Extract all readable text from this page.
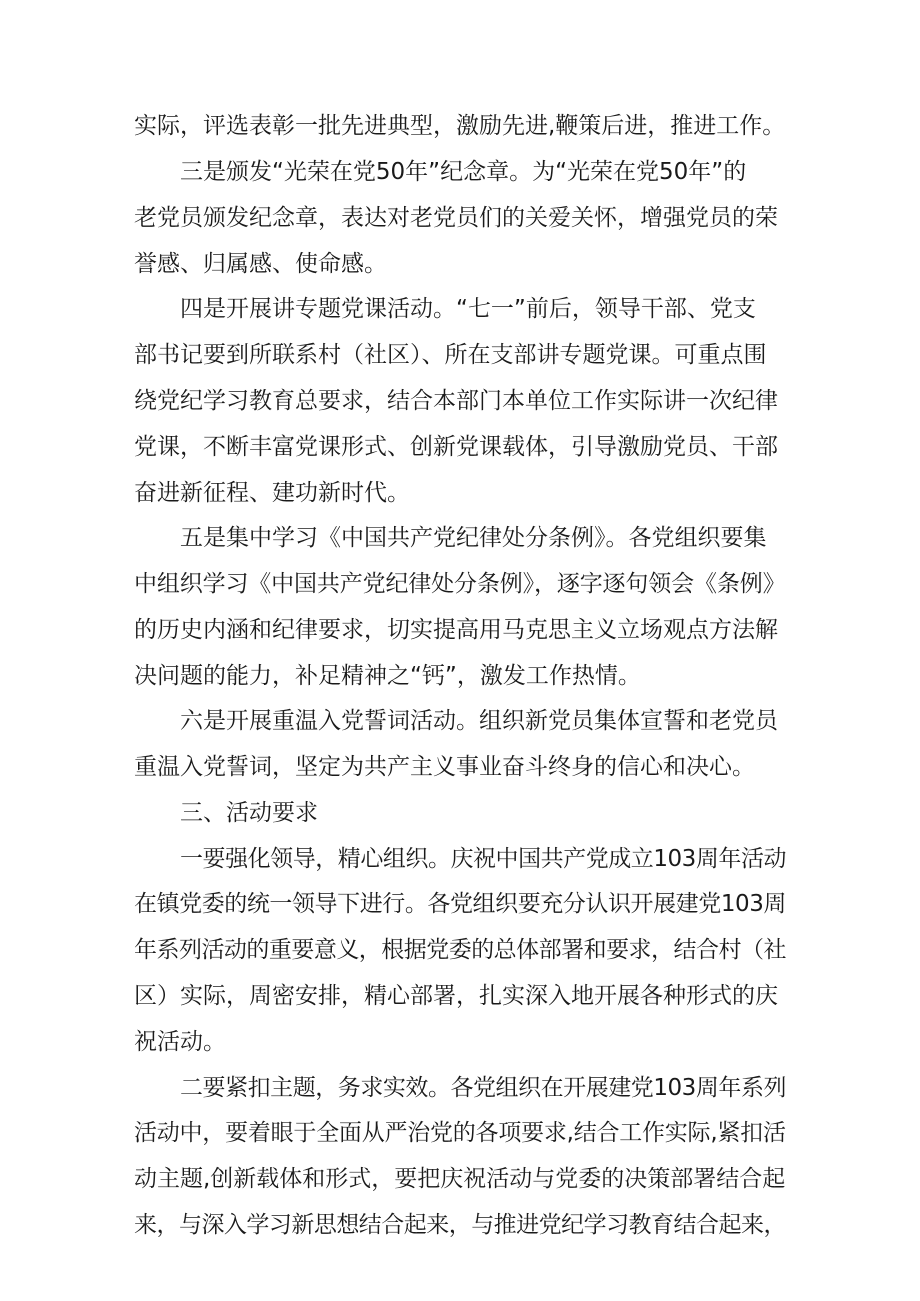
实际，评选表彰一批先进典型，激励先进,鞭策后进，推进工作。
三是颁发“光荣在党50年”纪念章。为“光荣在党50年”的
老党员颁发纪念章，表达对老党员们的关爱关怀，增强党员的荣
誉感、归属感、使命感。
四是开展讲专题党课活动。“七一”前后，领导干部、党支
部书记要到所联系村（社区）、所在支部讲专题党课。可重点围
绕党纪学习教育总要求，结合本部门本单位工作实际讲一次纪律
党课，不断丰富党课形式、创新党课载体，引导激励党员、干部
奋进新征程、建功新时代。
五是集中学习《中国共产党纪律处分条例》。各党组织要集
中组织学习《中国共产党纪律处分条例》，逐字逐句领会《条例》
的历史内涵和纪律要求，切实提高用马克思主义立场观点方法解
决问题的能力，补足精神之“钙”，激发工作热情。
六是开展重温入党誓词活动。组织新党员集体宣誓和老党员
重温入党誓词，坚定为共产主义事业奋斗终身的信心和决心。
三、活动要求
一要强化领导，精心组织。庆祝中国共产党成立103周年活动
在镇党委的统一领导下进行。各党组织要充分认识开展建党103周
年系列活动的重要意义，根据党委的总体部署和要求，结合村（社
区）实际，周密安排，精心部署，扎实深入地开展各种形式的庆
祝活动。
二要紧扣主题，务求实效。各党组织在开展建党103周年系列
活动中，要着眼于全面从严治党的各项要求,结合工作实际,紧扣活
动主题,创新载体和形式，要把庆祝活动与党委的决策部署结合起
来，与深入学习新思想结合起来，与推进党纪学习教育结合起来，
